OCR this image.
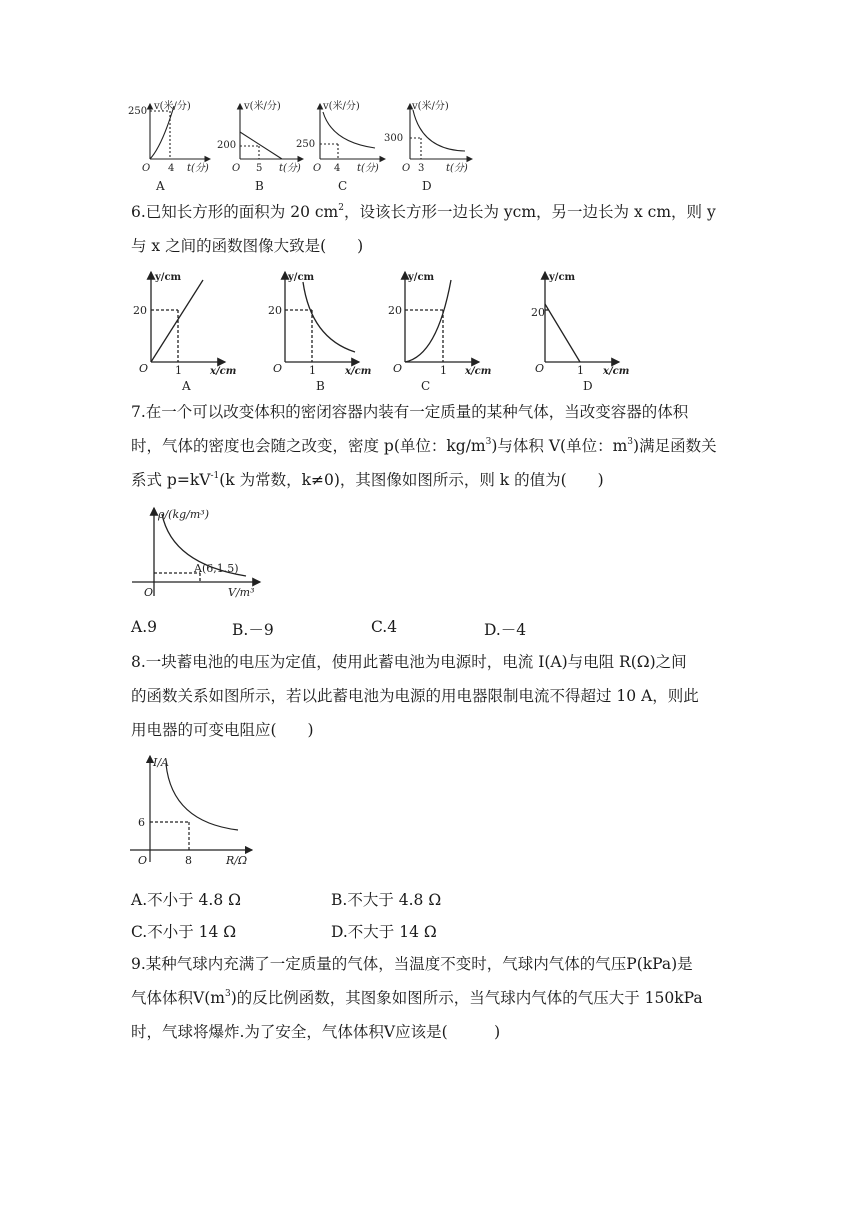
v(米/分)
250
O 4 t(分)
A
v(米/分)
200
O 5 t(分)
B
v(米/分)
250
O 4 t(分)
C
v(米/分)
300
O 3 t(分)
D
6.已知长方形的面积为 20 $cm^2$，设该长方形一边长为 ycm，另一边长为 x cm，则 y
与 x 之间的函数图像大致是(　　)
y/cm
20
O 1	x/cm
A
y/cm
20
O 1	x/cm
B
y/cm
20
O	1 x/cm
C
y/cm
20
O	1 x/cm
D
7.在一个可以改变体积的密闭容器内装有一定质量的某种气体，当改变容器的体积
时，气体的密度也会随之改变，密度 p(单位：$kg/m^3$)与体积 V(单位：$m^3$)满足函数关
系式 $p=kV^{-1}(k$ 为常数，k≠0)，其图像如图所示，则 k 的值为(　　)
ρ/(kg/m³)
A(6,1.5)
O	V/m³
A.9	B.－9	C.4	D.－4
8.一块蓄电池的电压为定值，使用此蓄电池为电源时，电流 I(A)与电阻 R(Ω)之间
的函数关系如图所示，若以此蓄电池为电源的用电器限制电流不得超过 10 A，则此
用电器的可变电阻应(　　)
I/A
6
O	8	R/Ω
A.不小于 4.8 Ω	B.不大于 4.8 Ω
C.不小于 14 Ω	D.不大于 14 Ω
9.某种气球内充满了一定质量的气体，当温度不变时，气球内气体的气压P(kPa)是
气体体积$V(m^3)$的反比例函数，其图象如图所示，当气球内气体的气压大于 150kPa
时，气球将爆炸.为了安全，气体体积V应该是(　　　)
